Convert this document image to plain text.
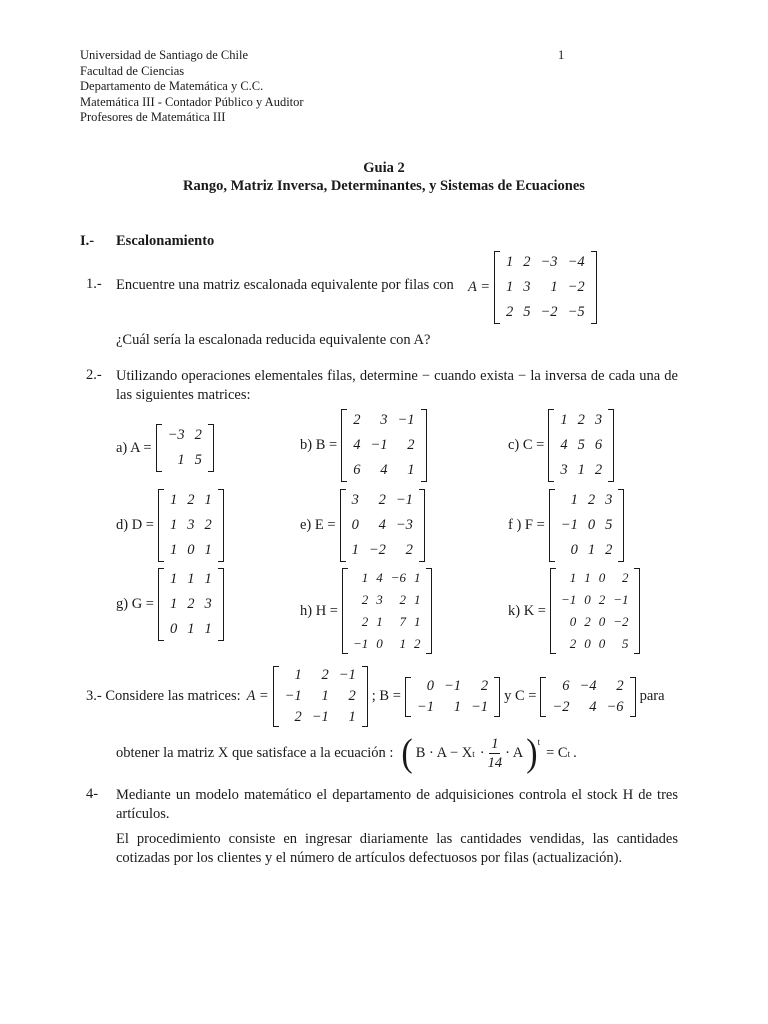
Universidad de Santiago de Chile
Facultad de Ciencias
Departamento de Matemática y C.C.
Matemática III - Contador Público y Auditor
Profesores de Matemática III
1
Guia 2
Rango, Matriz Inversa, Determinantes, y Sistemas de Ecuaciones
I.- Escalonamiento
1.- Encuentre una matriz escalonada equivalente por filas con A =
1	2	−3	−4
1	3	1	−2
2	5	−2	−5
¿Cuál sería la escalonada reducida equivalente con A?
2.- Utilizando operaciones elementales filas, determine − cuando exista − la inversa de cada una de las siguientes matrices:
a) A =
−3	2
1	5
b) B =
2	3	−1
4	−1	2
6	4	1
c) C =
1	2	3
4	5	6
3	1	2
d) D =
1	2	1
1	3	2
1	0	1
e) E =
3	2	−1
0	4	−3
1	−2	2
f ) F =
1	2	3
−1	0	5
0	1	2
g) G =
1	1	1
1	2	3
0	1	1
h) H =
1	4	−6	1
2	3	2	1
2	1	7	1
−1	0	1	2
k) K =
1	1	0	2
−1	0	2	−1
0	2	0	−2
2	0	0	5
3.- Considere las matrices: A =
1	2	−1
−1	1	2
2	−1	1
; B =
0	−1	2
−1	1	−1
y C =
6	−4	2
−2	4	−6
para
obtener la matriz X que satisface a la ecuación : ( B · A − X $t \cdot \frac{1}{14} \cdot A$ )$^t$
= C t .
4- Mediante un modelo matemático el departamento de adquisiciones controla el stock H de tres artículos.
El procedimiento consiste en ingresar diariamente las cantidades vendidas, las cantidades cotizadas por los clientes y el número de artículos defectuosos por filas (actualización).
